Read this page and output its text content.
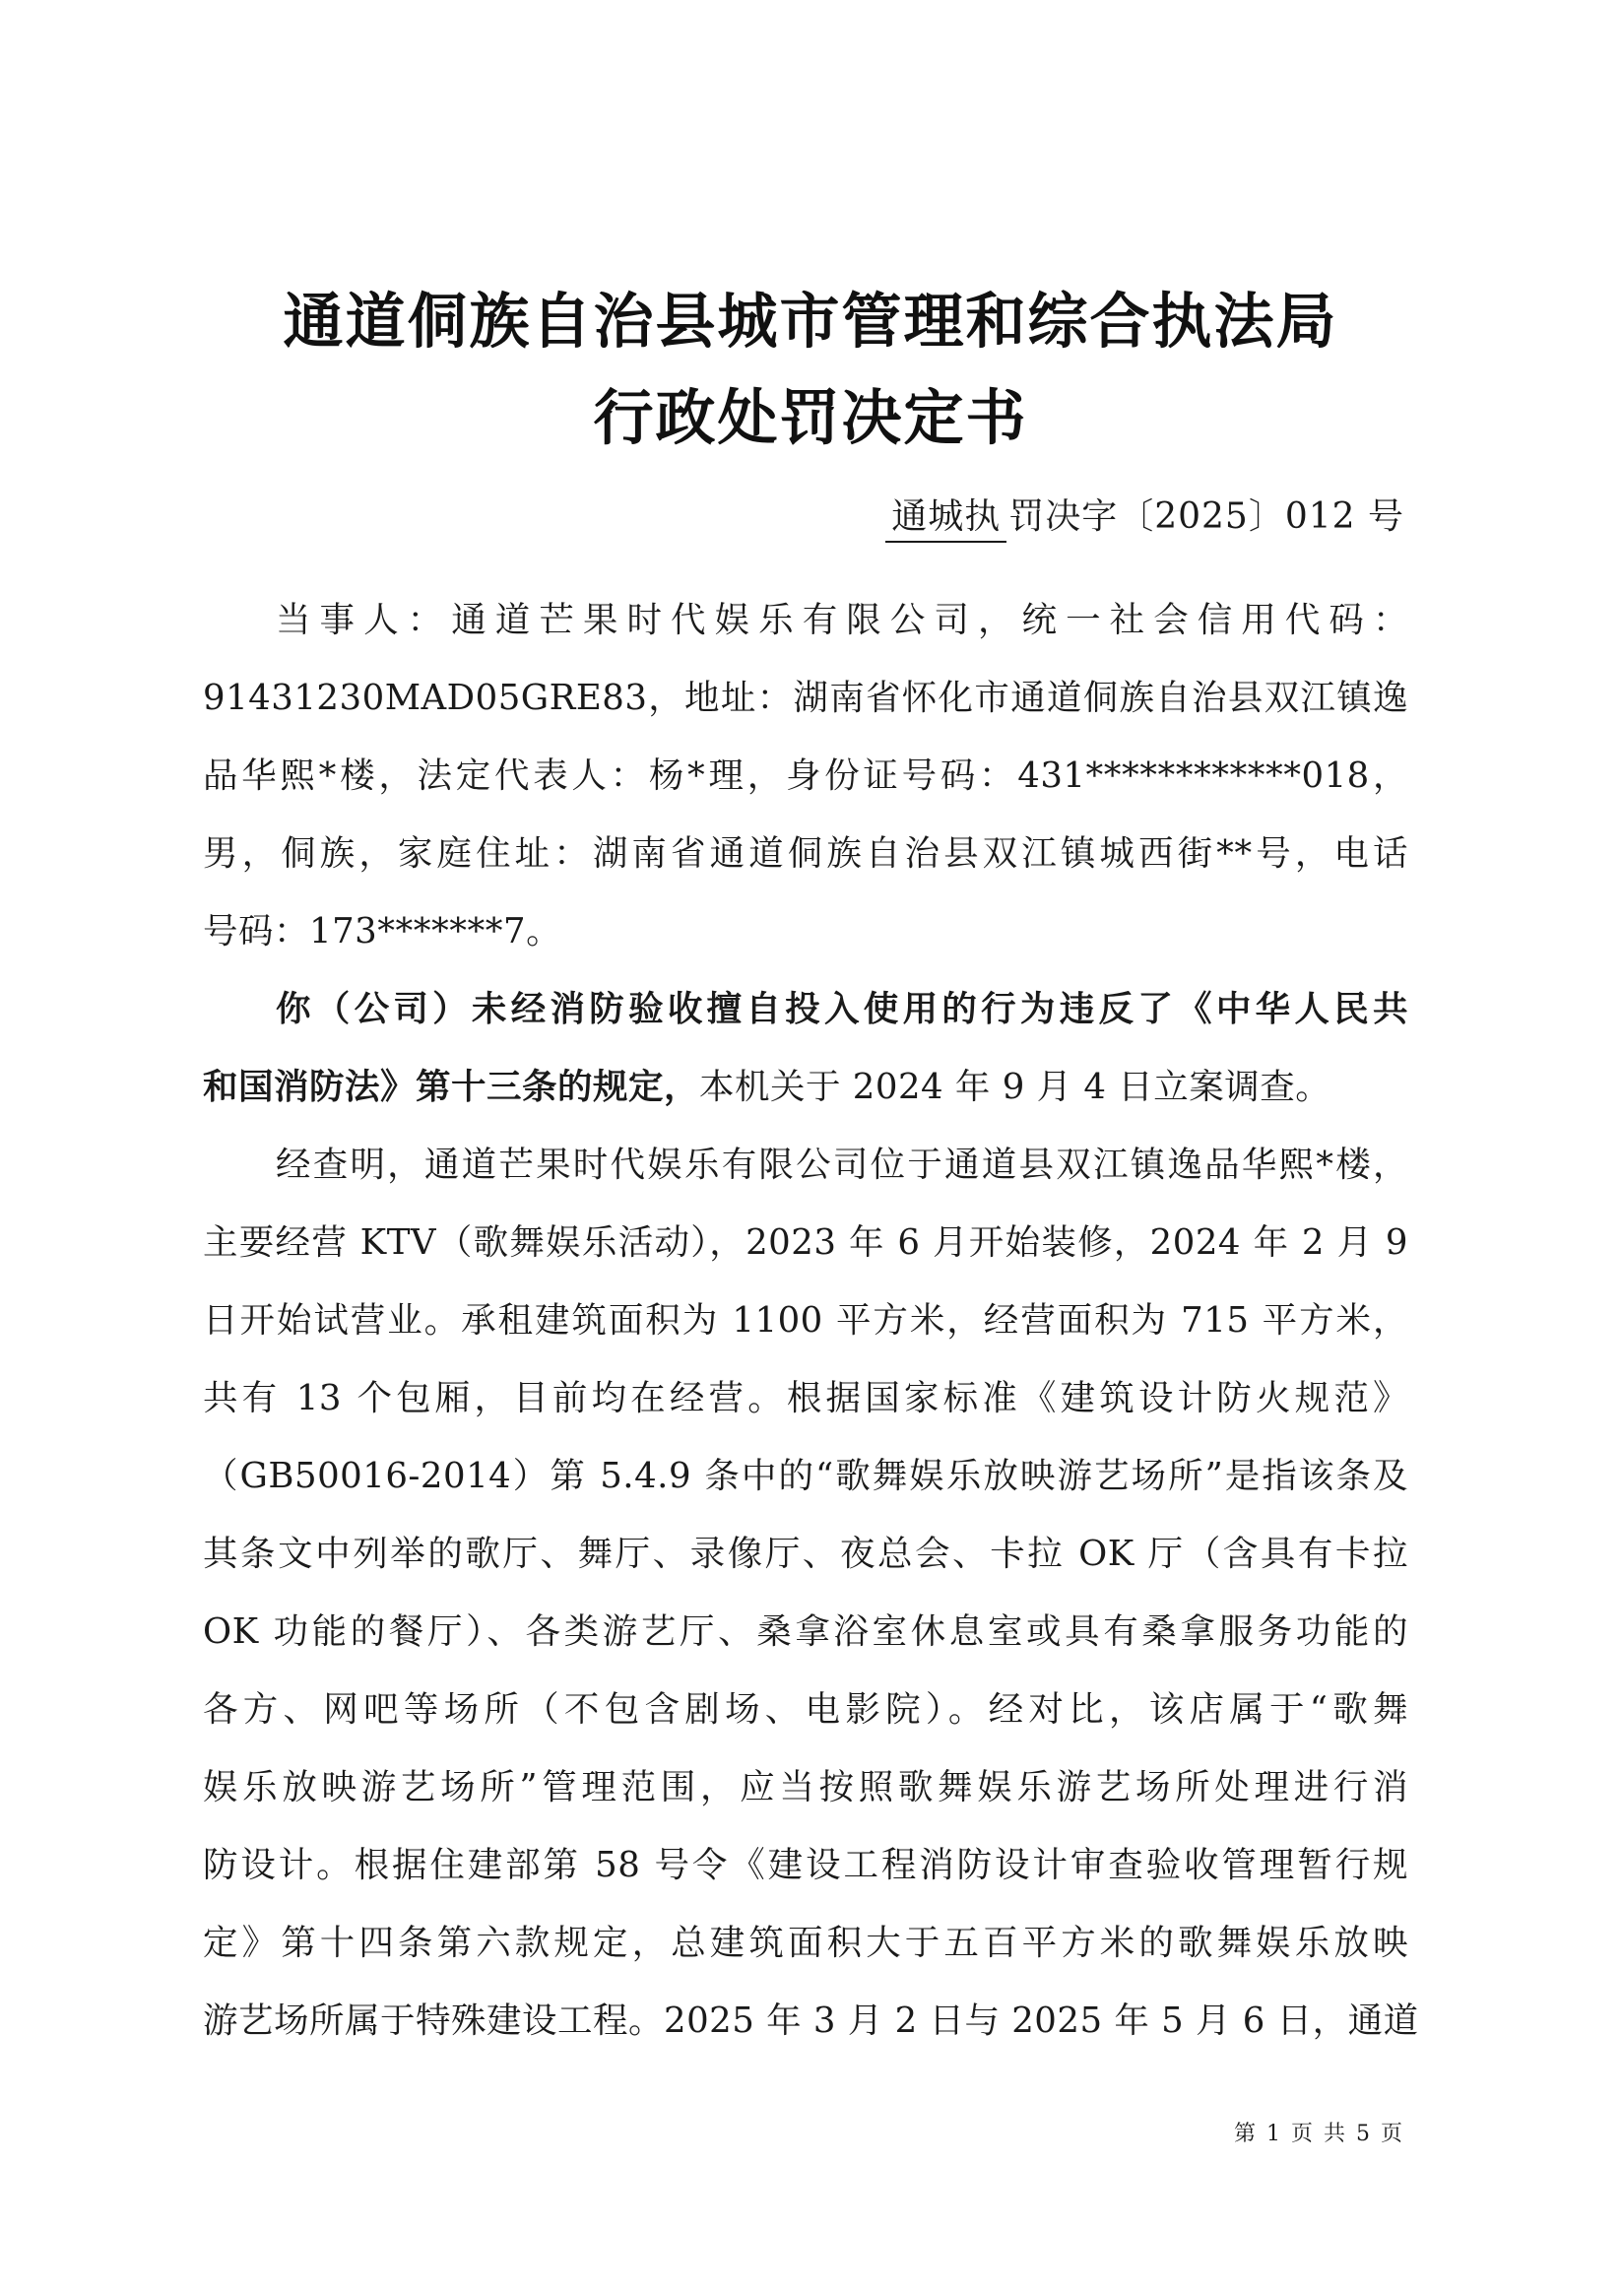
通道侗族自治县城市管理和综合执法局
行政处罚决定书
通城执 罚决字〔2025〕012 号
当事人：通道芒果时代娱乐有限公司，统一社会信用代码：
91431230MAD05GRE83，地址：湖南省怀化市通道侗族自治县双江镇逸
品华熙*楼，法定代表人：杨*理，身份证号码：431************018，
男，侗族，家庭住址：湖南省通道侗族自治县双江镇城西街**号，电话
号码：173*******7。
你（公司）未经消防验收擅自投入使用的行为违反了《中华人民共
和国消防法》第十三条的规定，本机关于 2024 年 9 月 4 日立案调查。
经查明，通道芒果时代娱乐有限公司位于通道县双江镇逸品华熙*楼，
主要经营 KTV（歌舞娱乐活动），2023 年 6 月开始装修，2024 年 2 月 9
日开始试营业。承租建筑面积为 1100 平方米，经营面积为 715 平方米，
共有 13 个包厢，目前均在经营。根据国家标准《建筑设计防火规范》
（GB50016-2014）第 5.4.9 条中的“歌舞娱乐放映游艺场所”是指该条及
其条文中列举的歌厅、舞厅、录像厅、夜总会、卡拉 OK 厅（含具有卡拉
OK 功能的餐厅）、各类游艺厅、桑拿浴室休息室或具有桑拿服务功能的
各方、网吧等场所（不包含剧场、电影院）。经对比，该店属于“歌舞
娱乐放映游艺场所”管理范围，应当按照歌舞娱乐游艺场所处理进行消
防设计。根据住建部第 58 号令《建设工程消防设计审查验收管理暂行规
定》第十四条第六款规定，总建筑面积大于五百平方米的歌舞娱乐放映
游艺场所属于特殊建设工程。2025 年 3 月 2 日与 2025 年 5 月 6 日，通道
第 1 页 共 5 页
